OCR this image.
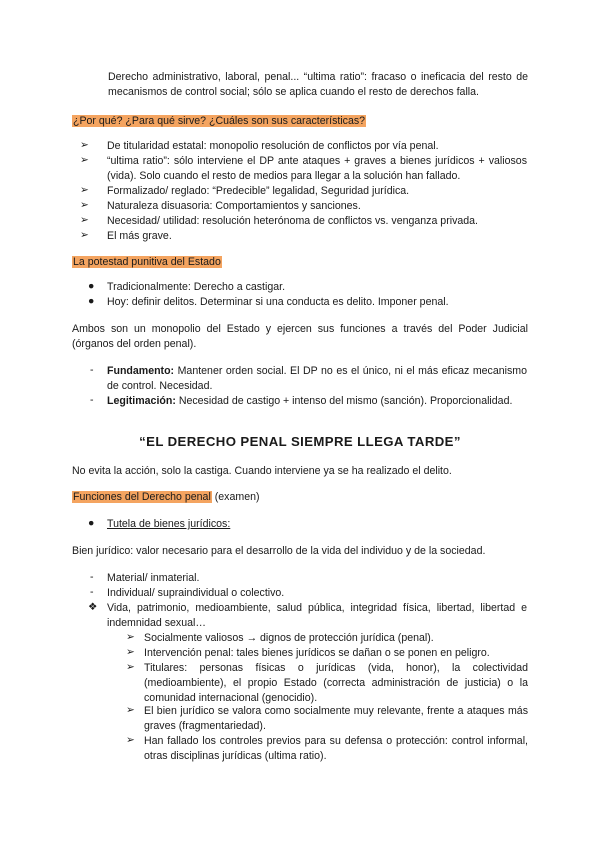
Derecho administrativo, laboral, penal... “ultima ratio”: fracaso o ineficacia del resto de mecanismos de control social; sólo se aplica cuando el resto de derechos falla.
¿Por qué? ¿Para qué sirve? ¿Cuáles son sus características?
➢	De titularidad estatal: monopolio resolución de conflictos por vía penal.
➢	“ultima ratio”: sólo interviene el DP ante ataques + graves a bienes jurídicos + valiosos (vida). Solo cuando el resto de medios para llegar a la solución han fallado.
➢	Formalizado/ reglado: “Predecible” legalidad, Seguridad jurídica.
➢	Naturaleza disuasoria: Comportamientos y sanciones.
➢	Necesidad/ utilidad: resolución heterónoma de conflictos vs. venganza privada.
➢	El más grave.
La potestad punitiva del Estado
●	Tradicionalmente: Derecho a castigar.
●	Hoy: definir delitos. Determinar si una conducta es delito. Imponer penal.
Ambos son un monopolio del Estado y ejercen sus funciones a través del Poder Judicial (órganos del orden penal).
-	Fundamento: Mantener orden social. El DP no es el único, ni el más eficaz mecanismo de control. Necesidad.
-	Legitimación: Necesidad de castigo + intenso del mismo (sanción). Proporcionalidad.
“EL DERECHO PENAL SIEMPRE LLEGA TARDE”
No evita la acción, solo la castiga. Cuando interviene ya se ha realizado el delito.
Funciones del Derecho penal (examen)
●	Tutela de bienes jurídicos:
Bien jurídico: valor necesario para el desarrollo de la vida del individuo y de la sociedad.
-	Material/ inmaterial.
-	Individual/ supraindividual o colectivo.
❖ Vida, patrimonio, medioambiente, salud pública, integridad física, libertad, libertad e indemnidad sexual…
➢ Socialmente valiosos → dignos de protección jurídica (penal).
➢ Intervención penal: tales bienes jurídicos se dañan o se ponen en peligro.
➢ Titulares: personas físicas o jurídicas (vida, honor), la colectividad (medioambiente), el propio Estado (correcta administración de justicia) o la comunidad internacional (genocidio).
➢ El bien jurídico se valora como socialmente muy relevante, frente a ataques más graves (fragmentariedad).
➢ Han fallado los controles previos para su defensa o protección: control informal, otras disciplinas jurídicas (ultima ratio).
